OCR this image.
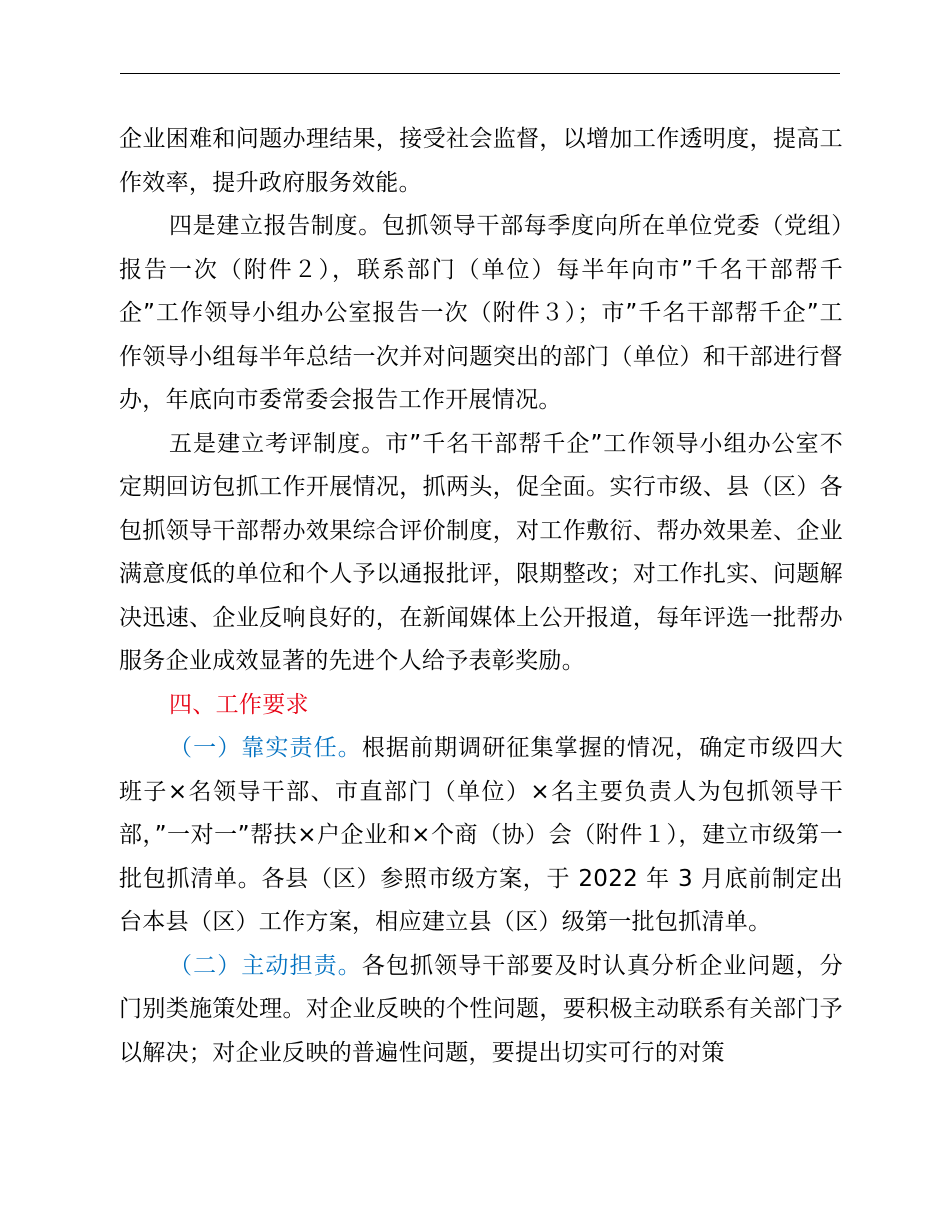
企业困难和问题办理结果，接受社会监督，以增加工作透明度，提高工作效率，提升政府服务效能。

四是建立报告制度。包抓领导干部每季度向所在单位党委（党组）报告一次（附件２），联系部门（单位）每半年向市”千名干部帮千企”工作领导小组办公室报告一次（附件３）；市”千名干部帮千企”工作领导小组每半年总结一次并对问题突出的部门（单位）和干部进行督办，年底向市委常委会报告工作开展情况。

五是建立考评制度。市”千名干部帮千企”工作领导小组办公室不定期回访包抓工作开展情况，抓两头，促全面。实行市级、县（区）各包抓领导干部帮办效果综合评价制度，对工作敷衍、帮办效果差、企业满意度低的单位和个人予以通报批评，限期整改；对工作扎实、问题解决迅速、企业反响良好的，在新闻媒体上公开报道，每年评选一批帮办服务企业成效显著的先进个人给予表彰奖励。

四、工作要求

（一）靠实责任。根据前期调研征集掌握的情况，确定市级四大班子×名领导干部、市直部门（单位）×名主要负责人为包抓领导干部，”一对一”帮扶×户企业和×个商（协）会（附件１），建立市级第一批包抓清单。各县（区）参照市级方案，于 2022 年 3 月底前制定出台本县（区）工作方案，相应建立县（区）级第一批包抓清单。

（二）主动担责。各包抓领导干部要及时认真分析企业问题，分门别类施策处理。对企业反映的个性问题，要积极主动联系有关部门予以解决；对企业反映的普遍性问题，要提出切实可行的对策
